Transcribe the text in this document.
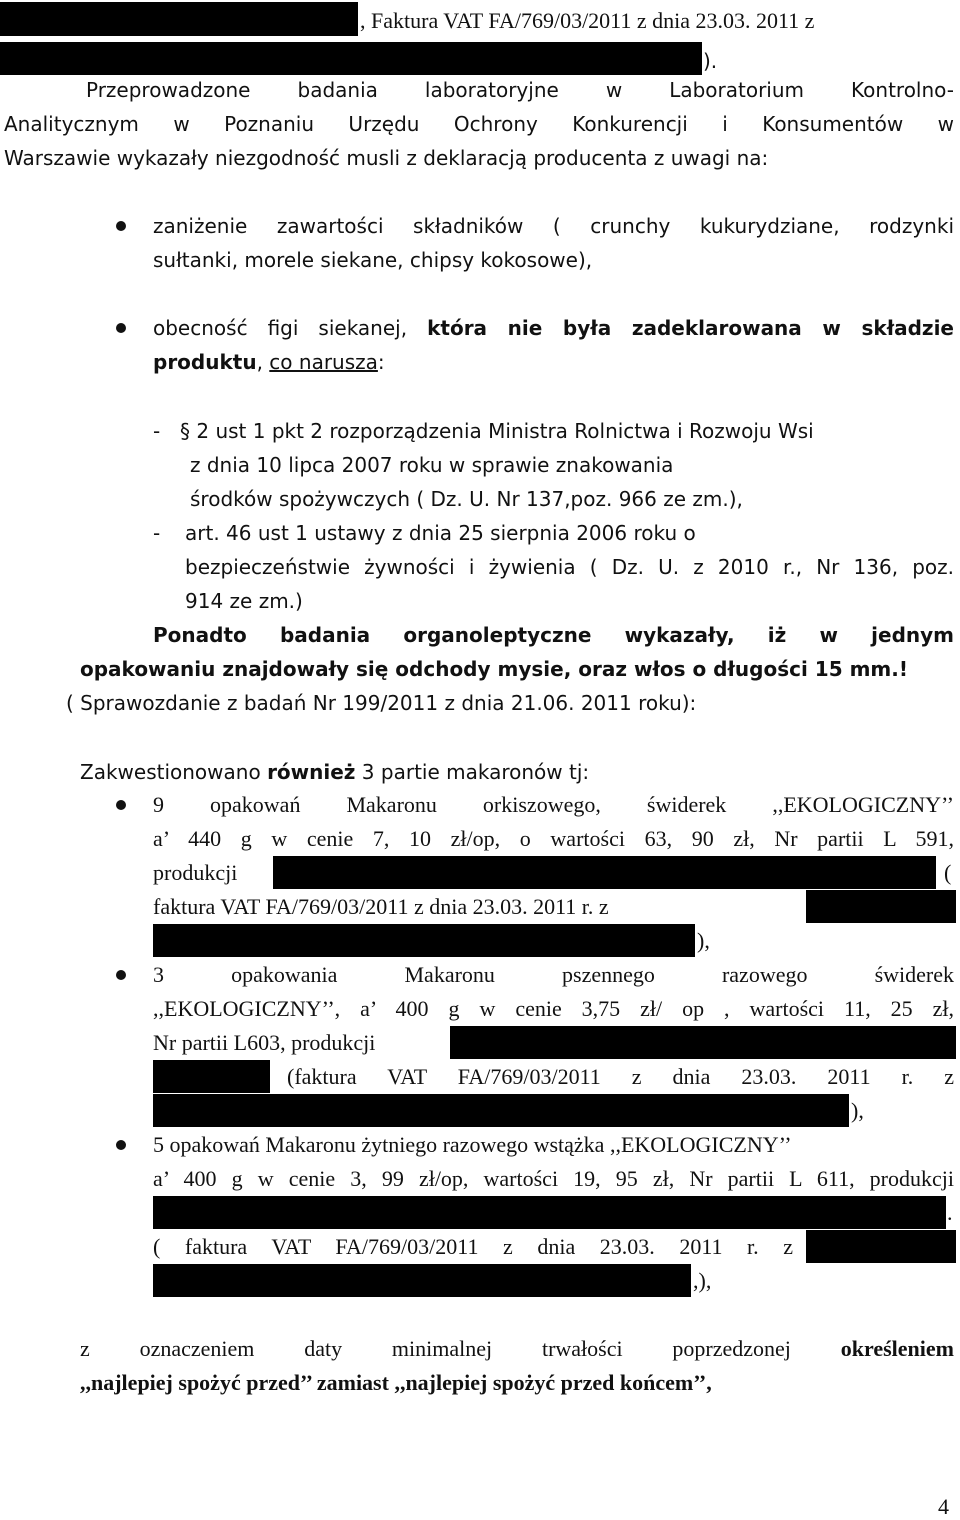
, Faktura VAT FA/769/03/2011 z dnia 23.03. 2011 z
).
Przeprowadzone badania laboratoryjne w Laboratorium Kontrolno-
Analitycznym w Poznaniu Urzędu Ochrony Konkurencji i Konsumentów w
Warszawie wykazały niezgodność musli z deklaracją producenta z uwagi na:
zaniżenie zawartości składników ( crunchy kukurydziane, rodzynki
sułtanki, morele siekane, chipsy kokosowe),
obecność figi siekanej, która nie była zadeklarowana w składzie
produktu, co narusza:
- § 2 ust 1 pkt 2 rozporządzenia Ministra Rolnictwa i Rozwoju Wsi
z dnia 10 lipca 2007 roku w sprawie znakowania
środków spożywczych ( Dz. U. Nr 137,poz. 966 ze zm.),
- art. 46 ust 1 ustawy z dnia 25 sierpnia 2006 roku o
bezpieczeństwie żywności i żywienia ( Dz. U. z 2010 r., Nr 136, poz.
914 ze zm.)
Ponadto badania organoleptyczne wykazały, iż w jednym
opakowaniu znajdowały się odchody mysie, oraz włos o długości 15 mm.!
( Sprawozdanie z badań Nr 199/2011 z dnia 21.06. 2011 roku):
Zakwestionowano również 3 partie makaronów tj:
9 opakowań Makaronu orkiszowego, świderek ,,EKOLOGICZNY’’
a’ 440 g w cenie 7, 10 zł/op, o wartości 63, 90 zł, Nr partii L 591,
produkcji	(
faktura VAT FA/769/03/2011 z dnia 23.03. 2011 r. z
),
3 opakowania Makaronu pszennego razowego świderek
,,EKOLOGICZNY’’, a’ 400 g w cenie 3,75 zł/ op , wartości 11, 25 zł,
Nr partii L603, produkcji
(faktura VAT FA/769/03/2011 z dnia 23.03. 2011 r. z
),
5 opakowań Makaronu żytniego razowego wstążka ,,EKOLOGICZNY’’
a’ 400 g w cenie 3, 99 zł/op, wartości 19, 95 zł, Nr partii L 611, produkcji
.
( faktura VAT FA/769/03/2011 z dnia 23.03. 2011 r. z
,),
z oznaczeniem daty minimalnej trwałości poprzedzonej określeniem
,,najlepiej spożyć przed’’ zamiast ,,najlepiej spożyć przed końcem’’,
4
